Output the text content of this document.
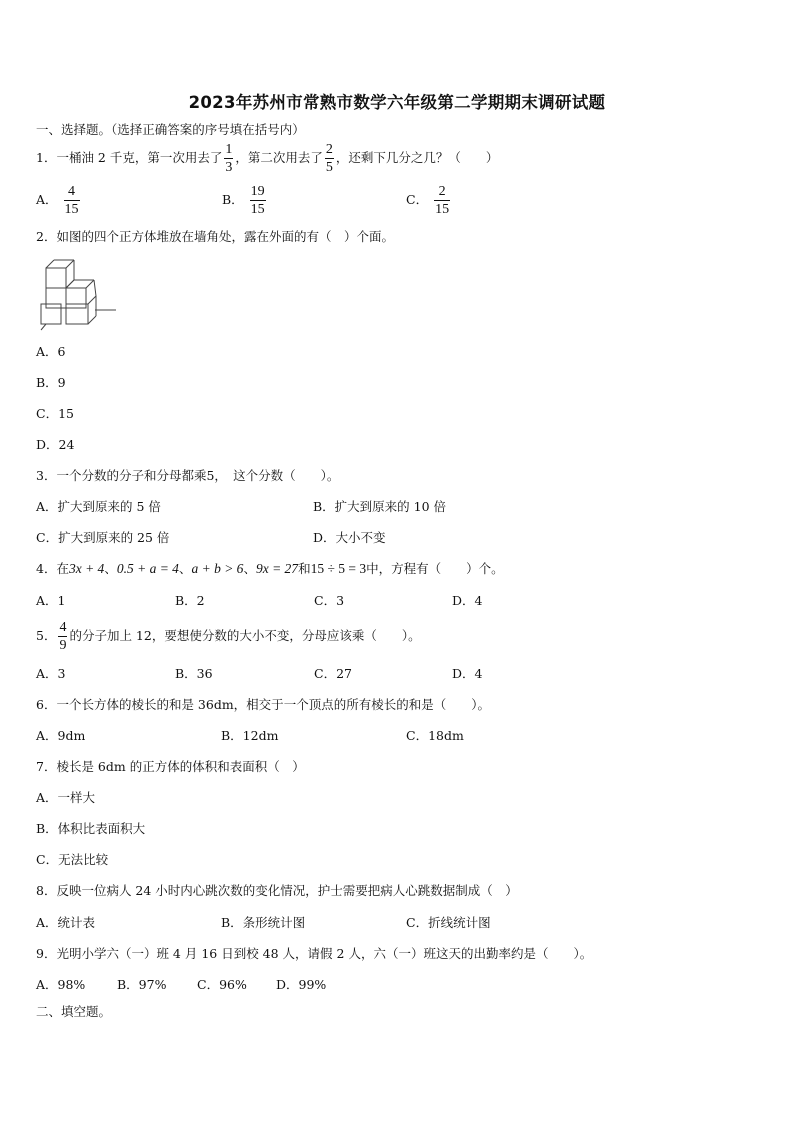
2023年苏州市常熟市数学六年级第二学期期末调研试题
一、选择题。（选择正确答案的序号填在括号内）
1．一桶油 2 千克，第一次用去了 $\frac{1}{3}$ ，第二次用去了 $\frac{2}{5}$ ，还剩下几分之几？（　　）
A． $\frac{4}{15}$	B． $\frac{19}{15}$	C． $\frac{2}{15}$
2．如图的四个正方体堆放在墙角处，露在外面的有（　）个面。
A．6
B．9
C．15
D．24
3．一个分数的分子和分母都乘5，　这个分数（　　）。
A．扩大到原来的 5 倍	B．扩大到原来的 10 倍
C．扩大到原来的 25 倍	D．大小不变
4．在3x + 4、0.5 + a = 4、a + b > 6、9x = 27和15 ÷ 5 = 3中，方程有（　　）个。
A．1	B．2	C．3	D．4
5． $\frac{4}{9}$ 的分子加上 12，要想使分数的大小不变，分母应该乘（　　）。
A．3	B．36	C．27	D．4
6．一个长方体的棱长的和是 36dm，相交于一个顶点的所有棱长的和是（　　）。
A．9dm	B．12dm	C．18dm
7．棱长是 6dm 的正方体的体积和表面积（　）
A．一样大
B．体积比表面积大
C．无法比较
8．反映一位病人 24 小时内心跳次数的变化情况，护士需要把病人心跳数据制成（　）
A．统计表	B．条形统计图	C．折线统计图
9．光明小学六（一）班 4 月 16 日到校 48 人，请假 2 人，六（一）班这天的出勤率约是（　　）。
A．98%	B．97% C．96% D．99%
二、填空题。
